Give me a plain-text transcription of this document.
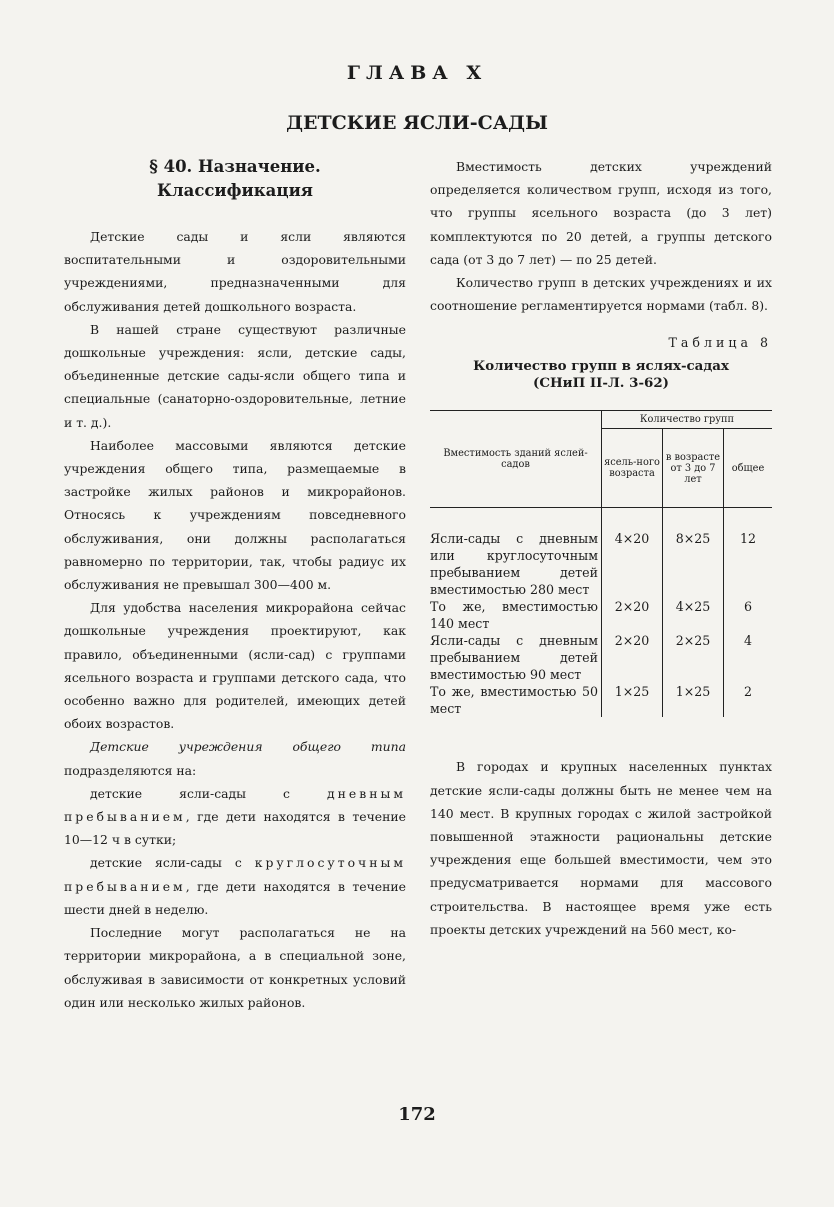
ГЛАВА X
ДЕТСКИЕ ЯСЛИ-САДЫ
§ 40. Назначение.
Классификация

Детские сады и ясли являются воспитательными и оздоровительными учреждениями, предназначенными для обслуживания детей дошкольного возраста.

В нашей стране существуют различные дошкольные учреждения: ясли, детские сады, объединенные детские сады-ясли общего типа и специальные (санаторно-оздоровительные, летние и т. д.).

Наиболее массовыми являются детские учреждения общего типа, размещаемые в застройке жилых районов и микрорайонов. Относясь к учреждениям повседневного обслуживания, они должны располагаться равномерно по территории, так, чтобы радиус их обслуживания не превышал 300—400 м.

Для удобства населения микрорайона сейчас дошкольные учреждения проектируют, как правило, объединенными (ясли-сад) с группами ясельного возраста и группами детского сада, что особенно важно для родителей, имеющих детей обоих возрастов.

Детские учреждения общего типа подразделяются на:

детские ясли-сады с дневным пребыванием, где дети находятся в течение 10—12 ч в сутки;

детские ясли-сады с круглосуточным пребыванием, где дети находятся в течение шести дней в неделю.

Последние могут располагаться не на территории микрорайона, а в специальной зоне, обслуживая в зависимости от конкретных условий один или несколько жилых районов.

Вместимость детских учреждений определяется количеством групп, исходя из того, что группы ясельного возраста (до 3 лет) комплектуются по 20 детей, а группы детского сада (от 3 до 7 лет) — по 25 детей.

Количество групп в детских учреждениях и их соотношение регламентируется нормами (табл. 8).

Таблица 8
Количество групп в яслях-садах
(СНиП II-Л. 3-62)
Вместимость зданий яслей-садов	Количество групп		
	ясель-ного возраста	в возрасте от 3 до 7 лет	общее
Ясли-сады с дневным или круглосуточным пребыванием детей вместимостью 280 мест	4×20	8×25	12
То же, вместимостью 140 мест	2×20	4×25	6
Ясли-сады с дневным пребыванием детей вместимостью 90 мест	2×20	2×25	4
То же, вместимостью 50 мест	1×25	1×25	2

В городах и крупных населенных пунктах детские ясли-сады должны быть не менее чем на 140 мест. В крупных городах с жилой застройкой повышенной этажности рациональны детские учреждения еще большей вместимости, чем это предусматривается нормами для массового строительства. В настоящее время уже есть проекты детских учреждений на 560 мест, ко-

172
